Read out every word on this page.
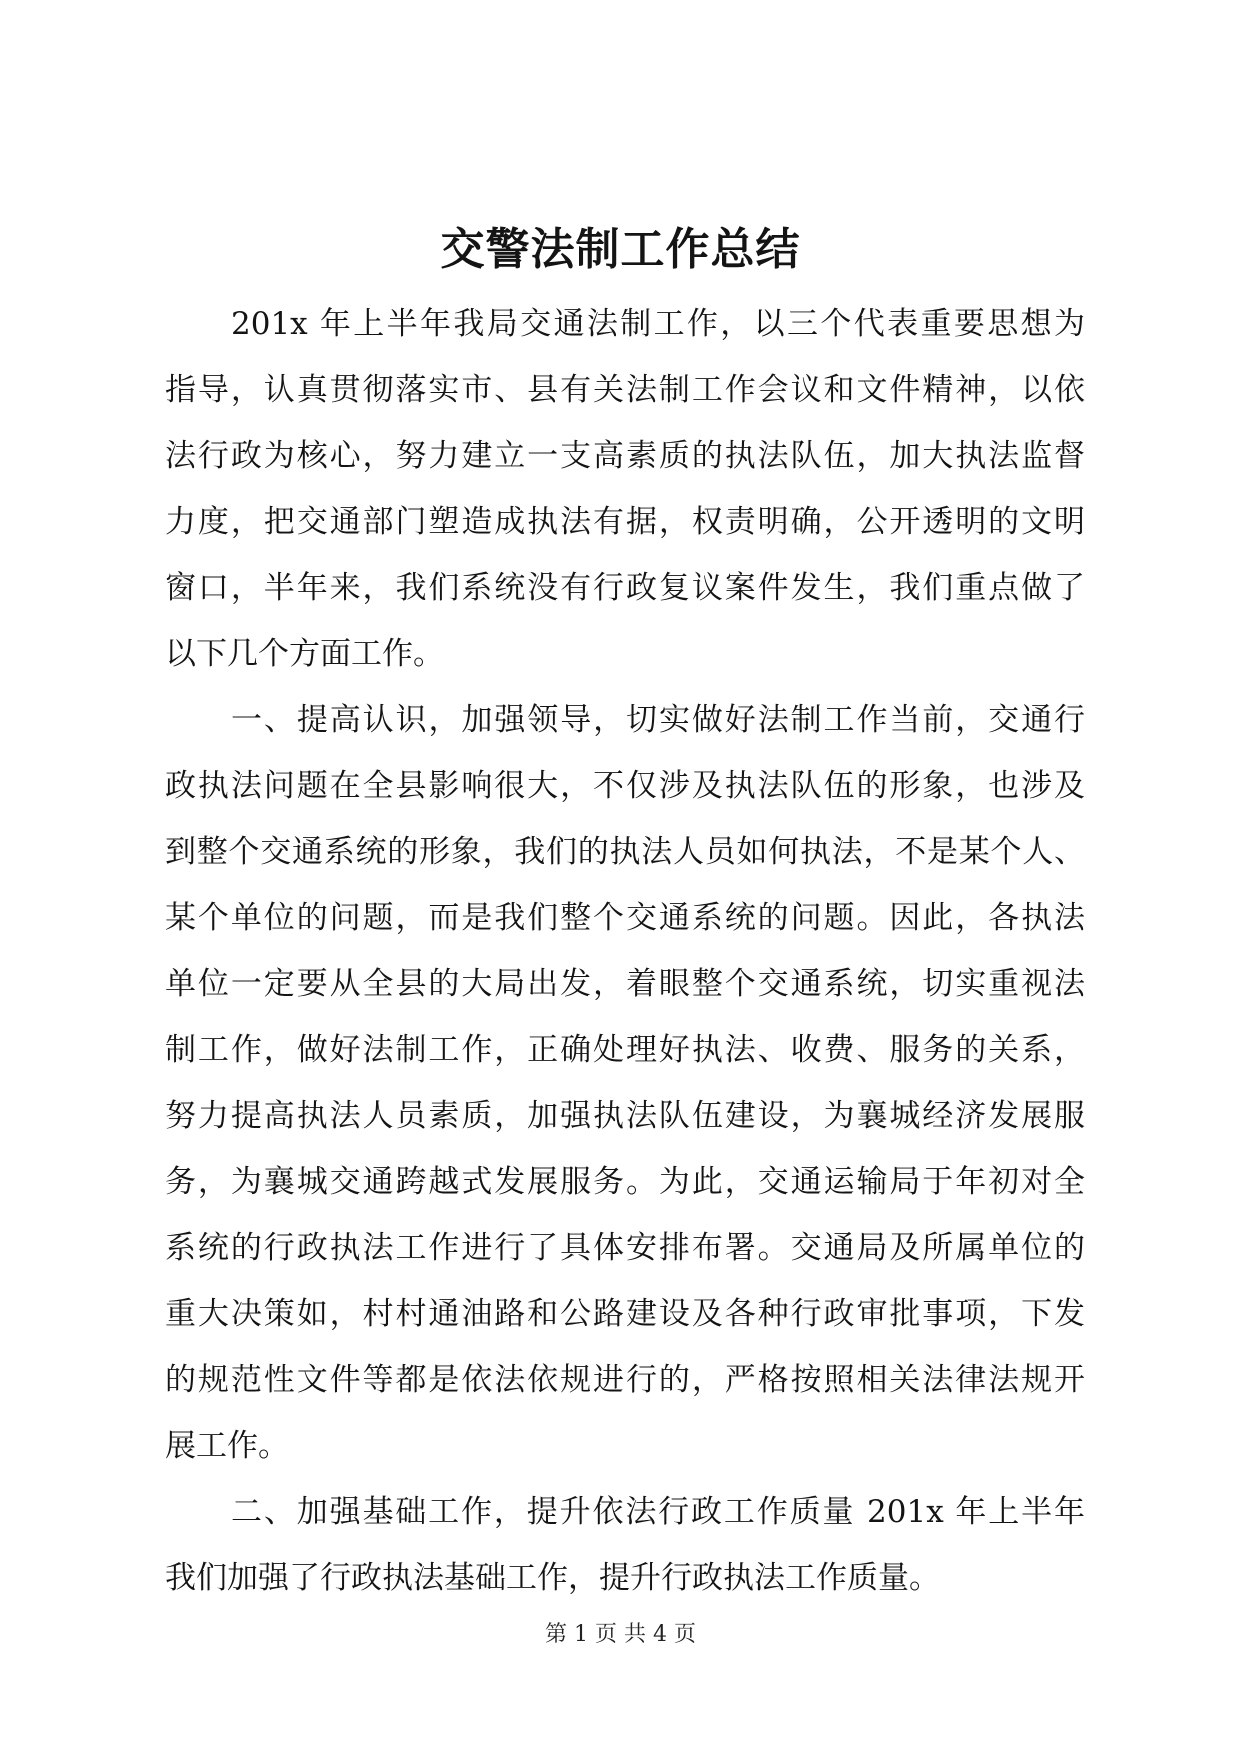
交警法制工作总结
201x 年上半年我局交通法制工作，以三个代表重要思想为
指导，认真贯彻落实市、县有关法制工作会议和文件精神，以依
法行政为核心，努力建立一支高素质的执法队伍，加大执法监督
力度，把交通部门塑造成执法有据，权责明确，公开透明的文明
窗口，半年来，我们系统没有行政复议案件发生，我们重点做了
以下几个方面工作。
一、提高认识，加强领导，切实做好法制工作当前，交通行
政执法问题在全县影响很大，不仅涉及执法队伍的形象，也涉及
到整个交通系统的形象，我们的执法人员如何执法，不是某个人、
某个单位的问题，而是我们整个交通系统的问题。因此，各执法
单位一定要从全县的大局出发，着眼整个交通系统，切实重视法
制工作，做好法制工作，正确处理好执法、收费、服务的关系，
努力提高执法人员素质，加强执法队伍建设，为襄城经济发展服
务，为襄城交通跨越式发展服务。为此，交通运输局于年初对全
系统的行政执法工作进行了具体安排布署。交通局及所属单位的
重大决策如，村村通油路和公路建设及各种行政审批事项，下发
的规范性文件等都是依法依规进行的，严格按照相关法律法规开
展工作。
二、加强基础工作，提升依法行政工作质量 201x 年上半年
我们加强了行政执法基础工作，提升行政执法工作质量。
第 1 页 共 4 页
